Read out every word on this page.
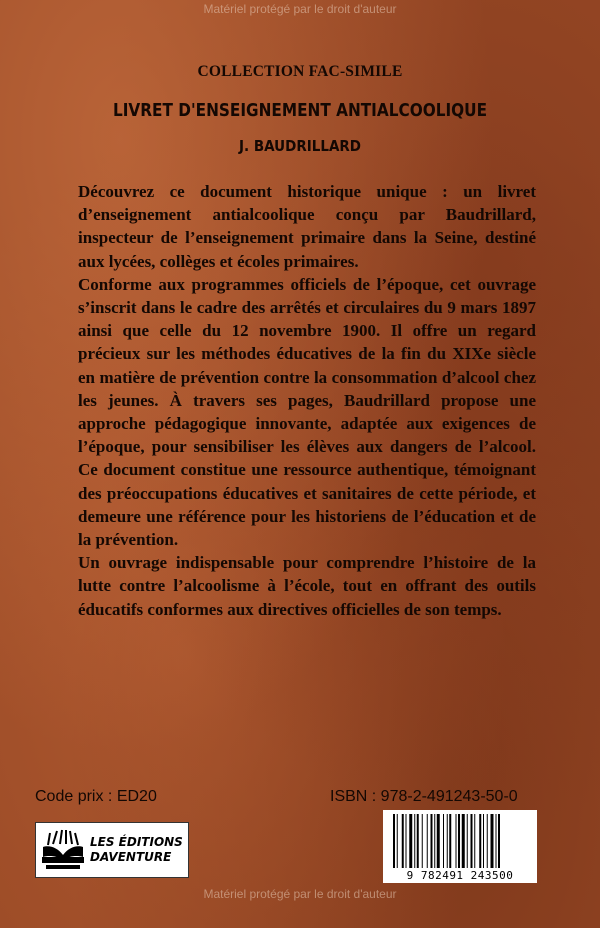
Matériel protégé par le droit d'auteur
COLLECTION FAC-SIMILE
LIVRET D'ENSEIGNEMENT ANTIALCOOLIQUE
J. BAUDRILLARD

Découvrez ce document historique unique : un livret d’enseignement antialcoolique conçu par Baudrillard, inspecteur de l’enseignement primaire dans la Seine, destiné aux lycées, collèges et écoles primaires.

Conforme aux programmes officiels de l’époque, cet ouvrage s’inscrit dans le cadre des arrêtés et circulaires du 9 mars 1897 ainsi que celle du 12 novembre 1900. Il offre un regard précieux sur les méthodes éducatives de la fin du XIXe siècle en matière de prévention contre la consommation d’alcool chez les jeunes. À travers ses pages, Baudrillard propose une approche pédagogique innovante, adaptée aux exigences de l’époque, pour sensibiliser les élèves aux dangers de l’alcool. Ce document constitue une ressource authentique, témoignant des préoccupations éducatives et sanitaires de cette période, et demeure une référence pour les historiens de l’éducation et de la prévention.

Un ouvrage indispensable pour comprendre l’histoire de la lutte contre l’alcoolisme à l’école, tout en offrant des outils éducatifs conformes aux directives officielles de son temps.

Code prix : ED20	ISBN : 978-2-491243-50-0
LES ÉDITIONS
DAVENTURE
9 782491 243500
Matériel protégé par le droit d'auteur
